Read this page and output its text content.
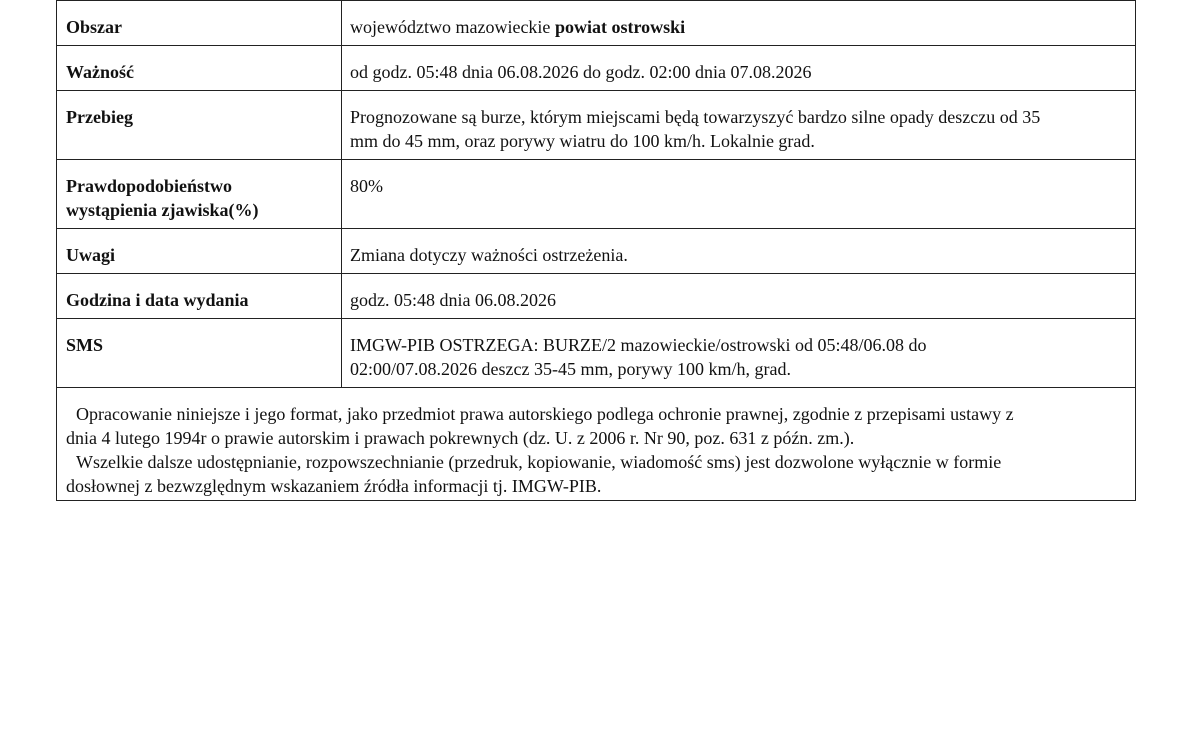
Obszar	województwo mazowieckie powiat ostrowski
Ważność	od godz. 05:48 dnia 06.08.2026 do godz. 02:00 dnia 07.08.2026
Przebieg	Prognozowane są burze, którym miejscami będą towarzyszyć bardzo silne opady deszczu od 35
mm do 45 mm, oraz porywy wiatru do 100 km/h. Lokalnie grad.

Prawdopodobieństwo
wystąpienia zjawiska(%)	80%
Uwagi	Zmiana dotyczy ważności ostrzeżenia.
Godzina i data wydania	godz. 05:48 dnia 06.08.2026
SMS	IMGW-PIB OSTRZEGA: BURZE/2 mazowieckie/ostrowski od 05:48/06.08 do
02:00/07.08.2026 deszcz 35-45 mm, porywy 100 km/h, grad.

Opracowanie niniejsze i jego format, jako przedmiot prawa autorskiego podlega ochronie prawnej, zgodnie z przepisami ustawy z
dnia 4 lutego 1994r o prawie autorskim i prawach pokrewnych (dz. U. z 2006 r. Nr 90, poz. 631 z późn. zm.).
Wszelkie dalsze udostępnianie, rozpowszechnianie (przedruk, kopiowanie, wiadomość sms) jest dozwolone wyłącznie w formie
dosłownej z bezwzględnym wskazaniem źródła informacji tj. IMGW-PIB.	
